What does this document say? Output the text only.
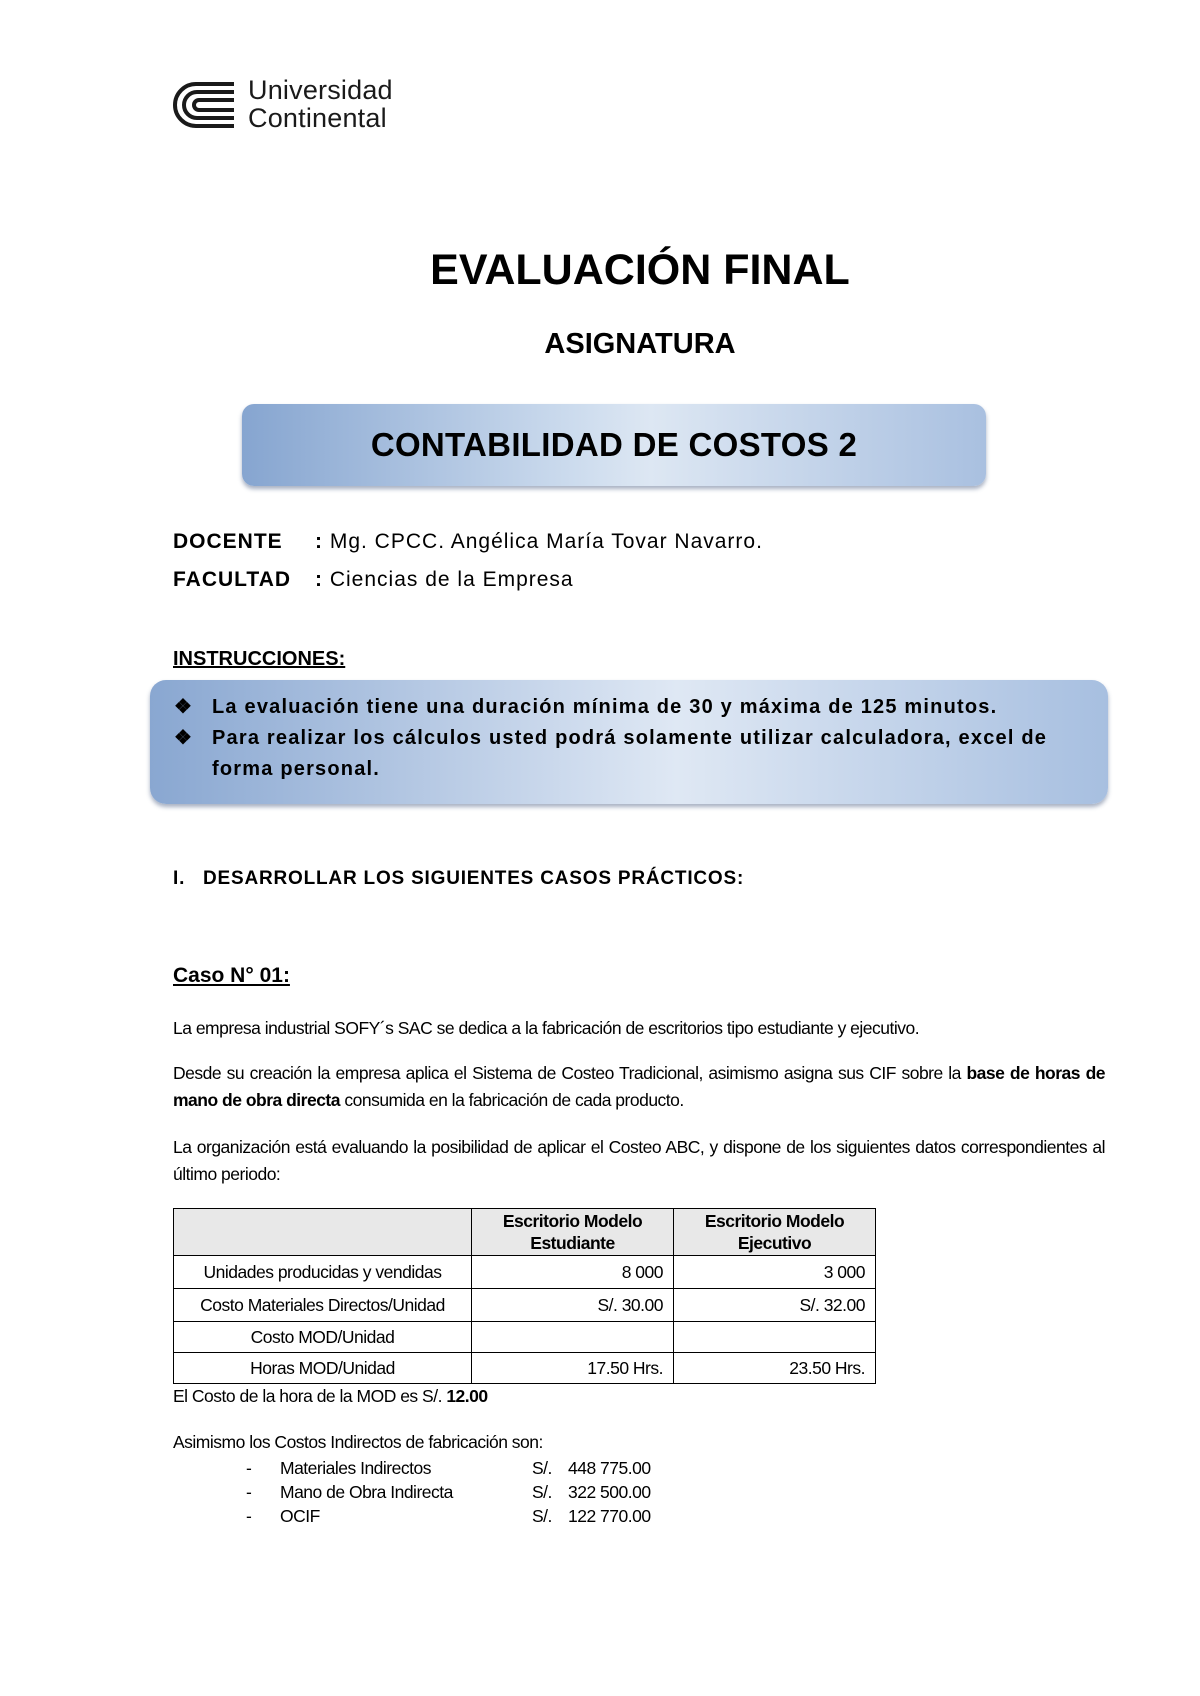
Universidad
Continental
EVALUACIÓN FINAL
ASIGNATURA
CONTABILIDAD DE COSTOS 2
DOCENTE : Mg. CPCC. Angélica María Tovar Navarro.
FACULTAD : Ciencias de la Empresa
INSTRUCCIONES:
❖ La evaluación tiene una duración mínima de 30 y máxima de 125 minutos.
❖ Para realizar los cálculos usted podrá solamente utilizar calculadora, excel de forma personal.
I. DESARROLLAR LOS SIGUIENTES CASOS PRÁCTICOS:
Caso N° 01:
La empresa industrial SOFY´s SAC se dedica a la fabricación de escritorios tipo estudiante y ejecutivo.
Desde su creación la empresa aplica el Sistema de Costeo Tradicional, asimismo asigna sus CIF sobre la base de horas de mano de obra directa consumida en la fabricación de cada producto.
La organización está evaluando la posibilidad de aplicar el Costeo ABC, y dispone de los siguientes datos correspondientes al último periodo:
	Escritorio Modelo Estudiante	Escritorio Modelo Ejecutivo
Unidades producidas y vendidas	8 000	3 000
Costo Materiales Directos/Unidad	S/. 30.00	S/. 32.00
Costo MOD/Unidad		
Horas MOD/Unidad	17.50 Hrs.	23.50 Hrs.
El Costo de la hora de la MOD es S/. 12.00
Asimismo los Costos Indirectos de fabricación son:
- Materiales Indirectos	S/. 448 775.00
- Mano de Obra Indirecta	S/. 322 500.00
- OCIF	S/. 122 770.00
